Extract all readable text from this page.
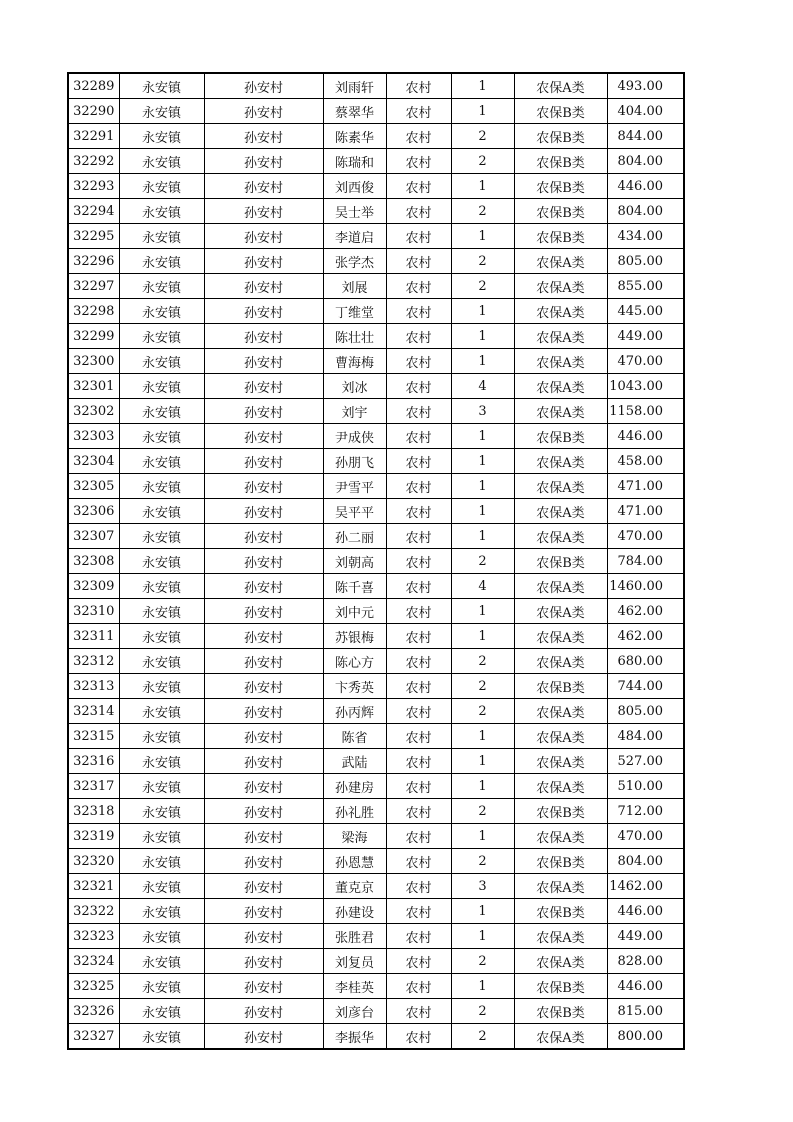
32289	永安镇	孙安村	刘雨轩	农村	1	农保A类	493.00
32290	永安镇	孙安村	蔡翠华	农村	1	农保B类	404.00
32291	永安镇	孙安村	陈素华	农村	2	农保B类	844.00
32292	永安镇	孙安村	陈瑞和	农村	2	农保B类	804.00
32293	永安镇	孙安村	刘西俊	农村	1	农保B类	446.00
32294	永安镇	孙安村	吴士举	农村	2	农保B类	804.00
32295	永安镇	孙安村	李道启	农村	1	农保B类	434.00
32296	永安镇	孙安村	张学杰	农村	2	农保A类	805.00
32297	永安镇	孙安村	刘展	农村	2	农保A类	855.00
32298	永安镇	孙安村	丁维堂	农村	1	农保A类	445.00
32299	永安镇	孙安村	陈壮壮	农村	1	农保A类	449.00
32300	永安镇	孙安村	曹海梅	农村	1	农保A类	470.00
32301	永安镇	孙安村	刘冰	农村	4	农保A类	1043.00
32302	永安镇	孙安村	刘宇	农村	3	农保A类	1158.00
32303	永安镇	孙安村	尹成侠	农村	1	农保B类	446.00
32304	永安镇	孙安村	孙朋飞	农村	1	农保A类	458.00
32305	永安镇	孙安村	尹雪平	农村	1	农保A类	471.00
32306	永安镇	孙安村	吴平平	农村	1	农保A类	471.00
32307	永安镇	孙安村	孙二丽	农村	1	农保A类	470.00
32308	永安镇	孙安村	刘朝高	农村	2	农保B类	784.00
32309	永安镇	孙安村	陈千喜	农村	4	农保A类	1460.00
32310	永安镇	孙安村	刘中元	农村	1	农保A类	462.00
32311	永安镇	孙安村	苏银梅	农村	1	农保A类	462.00
32312	永安镇	孙安村	陈心方	农村	2	农保A类	680.00
32313	永安镇	孙安村	卞秀英	农村	2	农保B类	744.00
32314	永安镇	孙安村	孙丙辉	农村	2	农保A类	805.00
32315	永安镇	孙安村	陈省	农村	1	农保A类	484.00
32316	永安镇	孙安村	武陆	农村	1	农保A类	527.00
32317	永安镇	孙安村	孙建房	农村	1	农保A类	510.00
32318	永安镇	孙安村	孙礼胜	农村	2	农保B类	712.00
32319	永安镇	孙安村	梁海	农村	1	农保A类	470.00
32320	永安镇	孙安村	孙恩慧	农村	2	农保B类	804.00
32321	永安镇	孙安村	董克京	农村	3	农保A类	1462.00
32322	永安镇	孙安村	孙建设	农村	1	农保B类	446.00
32323	永安镇	孙安村	张胜君	农村	1	农保A类	449.00
32324	永安镇	孙安村	刘复员	农村	2	农保A类	828.00
32325	永安镇	孙安村	李桂英	农村	1	农保B类	446.00
32326	永安镇	孙安村	刘彦台	农村	2	农保B类	815.00
32327	永安镇	孙安村	李振华	农村	2	农保A类	800.00
